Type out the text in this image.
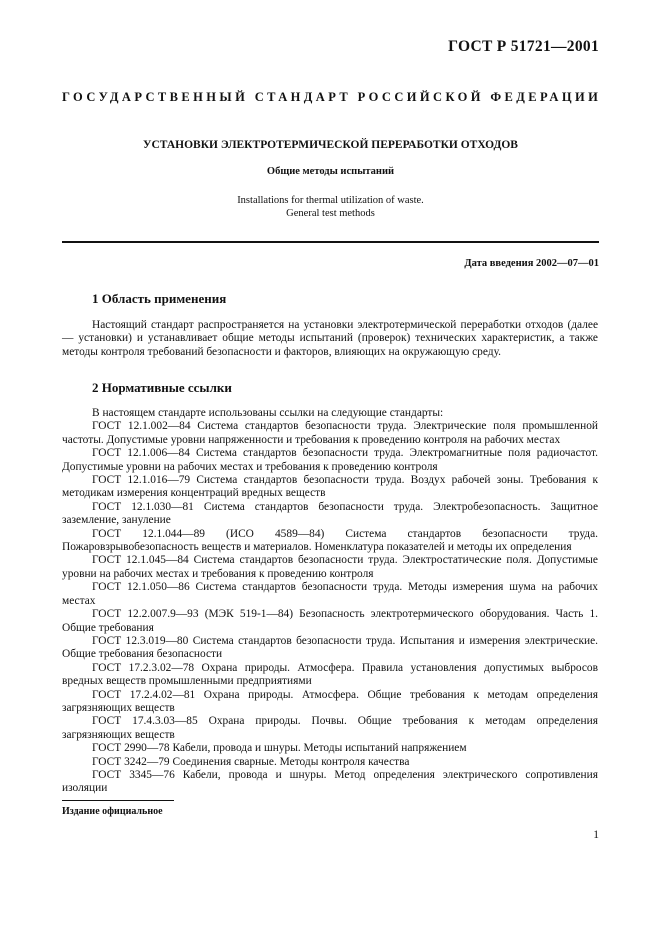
ГОСТ Р 51721—2001
ГОСУДАРСТВЕННЫЙ СТАНДАРТ РОССИЙСКОЙ ФЕДЕРАЦИИ
УСТАНОВКИ ЭЛЕКТРОТЕРМИЧЕСКОЙ ПЕРЕРАБОТКИ ОТХОДОВ
Общие методы испытаний
Installations for thermal utilization of waste.
General test methods
Дата введения 2002—07—01
1 Область применения
Настоящий стандарт распространяется на установки электротермической переработки отходов (далее — установки) и устанавливает общие методы испытаний (проверок) технических характеристик, а также методы контроля требований безопасности и факторов, влияющих на окружающую среду.
2 Нормативные ссылки

В настоящем стандарте использованы ссылки на следующие стандарты:

ГОСТ 12.1.002—84 Система стандартов безопасности труда. Электрические поля промышленной частоты. Допустимые уровни напряженности и требования к проведению контроля на рабочих местах

ГОСТ 12.1.006—84 Система стандартов безопасности труда. Электромагнитные поля радиочастот. Допустимые уровни на рабочих местах и требования к проведению контроля

ГОСТ 12.1.016—79 Система стандартов безопасности труда. Воздух рабочей зоны. Требования к методикам измерения концентраций вредных веществ

ГОСТ 12.1.030—81 Система стандартов безопасности труда. Электробезопасность. Защитное заземление, зануление

ГОСТ 12.1.044—89 (ИСО 4589—84) Система стандартов безопасности труда. Пожаровзрывобезопасность веществ и материалов. Номенклатура показателей и методы их определения

ГОСТ 12.1.045—84 Система стандартов безопасности труда. Электростатические поля. Допустимые уровни на рабочих местах и требования к проведению контроля

ГОСТ 12.1.050—86 Система стандартов безопасности труда. Методы измерения шума на рабочих местах

ГОСТ 12.2.007.9—93 (МЭК 519-1—84) Безопасность электротермического оборудования. Часть 1. Общие требования

ГОСТ 12.3.019—80 Система стандартов безопасности труда. Испытания и измерения электрические. Общие требования безопасности

ГОСТ 17.2.3.02—78 Охрана природы. Атмосфера. Правила установления допустимых выбросов вредных веществ промышленными предприятиями

ГОСТ 17.2.4.02—81 Охрана природы. Атмосфера. Общие требования к методам определения загрязняющих веществ

ГОСТ 17.4.3.03—85 Охрана природы. Почвы. Общие требования к методам определения загрязняющих веществ

ГОСТ 2990—78 Кабели, провода и шнуры. Методы испытаний напряжением

ГОСТ 3242—79 Соединения сварные. Методы контроля качества

ГОСТ 3345—76 Кабели, провода и шнуры. Метод определения электрического сопротивления изоляции

Издание официальное
1
